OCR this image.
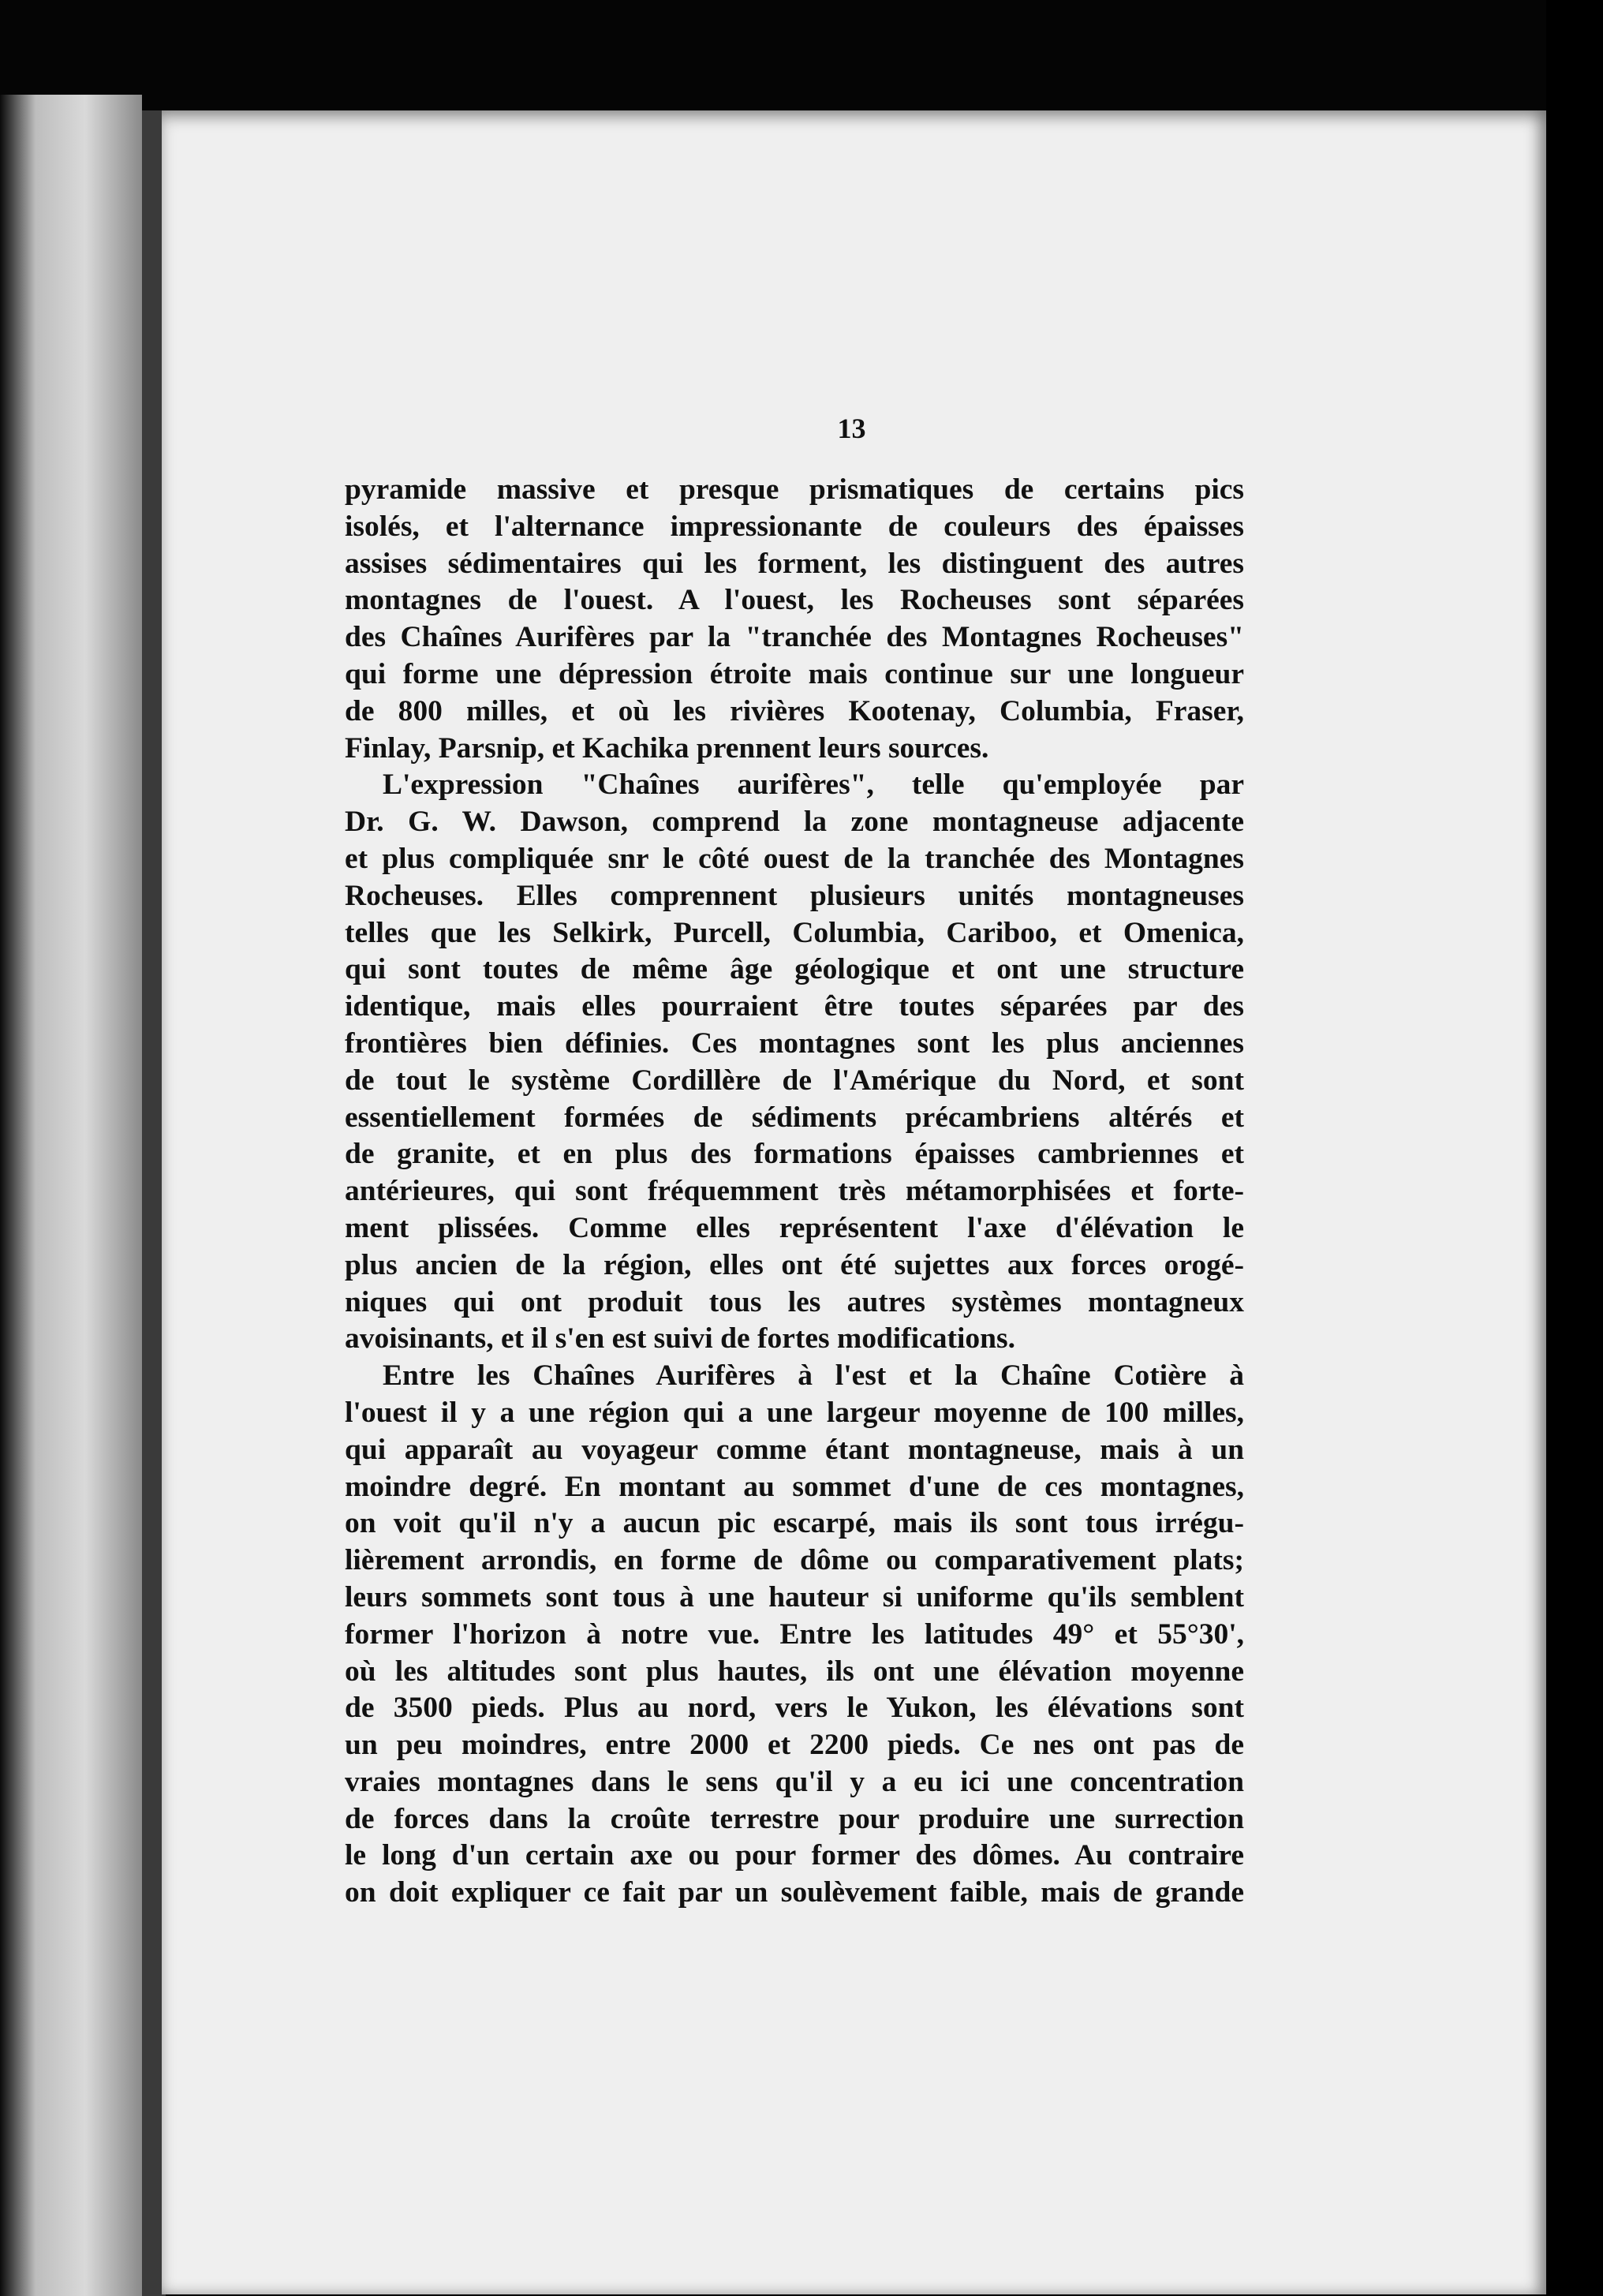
13
pyramide massive et presque prismatiques de certains pics
isolés, et l'alternance impressionante de couleurs des épaisses
assises sédimentaires qui les forment, les distinguent des autres
montagnes de l'ouest. A l'ouest, les Rocheuses sont séparées
des Chaînes Aurifères par la "tranchée des Montagnes Rocheuses"
qui forme une dépression étroite mais continue sur une longueur
de 800 milles, et où les rivières Kootenay, Columbia, Fraser,
Finlay, Parsnip, et Kachika prennent leurs sources.
L'expression "Chaînes aurifères", telle qu'employée par
Dr. G. W. Dawson, comprend la zone montagneuse adjacente
et plus compliquée snr le côté ouest de la tranchée des Montagnes
Rocheuses. Elles comprennent plusieurs unités montagneuses
telles que les Selkirk, Purcell, Columbia, Cariboo, et Omenica,
qui sont toutes de même âge géologique et ont une structure
identique, mais elles pourraient être toutes séparées par des
frontières bien définies. Ces montagnes sont les plus anciennes
de tout le système Cordillère de l'Amérique du Nord, et sont
essentiellement formées de sédiments précambriens altérés et
de granite, et en plus des formations épaisses cambriennes et
antérieures, qui sont fréquemment très métamorphisées et forte-
ment plissées. Comme elles représentent l'axe d'élévation le
plus ancien de la région, elles ont été sujettes aux forces orogé-
niques qui ont produit tous les autres systèmes montagneux
avoisinants, et il s'en est suivi de fortes modifications.
Entre les Chaînes Aurifères à l'est et la Chaîne Cotière à
l'ouest il y a une région qui a une largeur moyenne de 100 milles,
qui apparaît au voyageur comme étant montagneuse, mais à un
moindre degré. En montant au sommet d'une de ces montagnes,
on voit qu'il n'y a aucun pic escarpé, mais ils sont tous irrégu-
lièrement arrondis, en forme de dôme ou comparativement plats;
leurs sommets sont tous à une hauteur si uniforme qu'ils semblent
former l'horizon à notre vue. Entre les latitudes 49° et 55°30',
où les altitudes sont plus hautes, ils ont une élévation moyenne
de 3500 pieds. Plus au nord, vers le Yukon, les élévations sont
un peu moindres, entre 2000 et 2200 pieds. Ce nes ont pas de
vraies montagnes dans le sens qu'il y a eu ici une concentration
de forces dans la croûte terrestre pour produire une surrection
le long d'un certain axe ou pour former des dômes. Au contraire
on doit expliquer ce fait par un soulèvement faible, mais de grande
